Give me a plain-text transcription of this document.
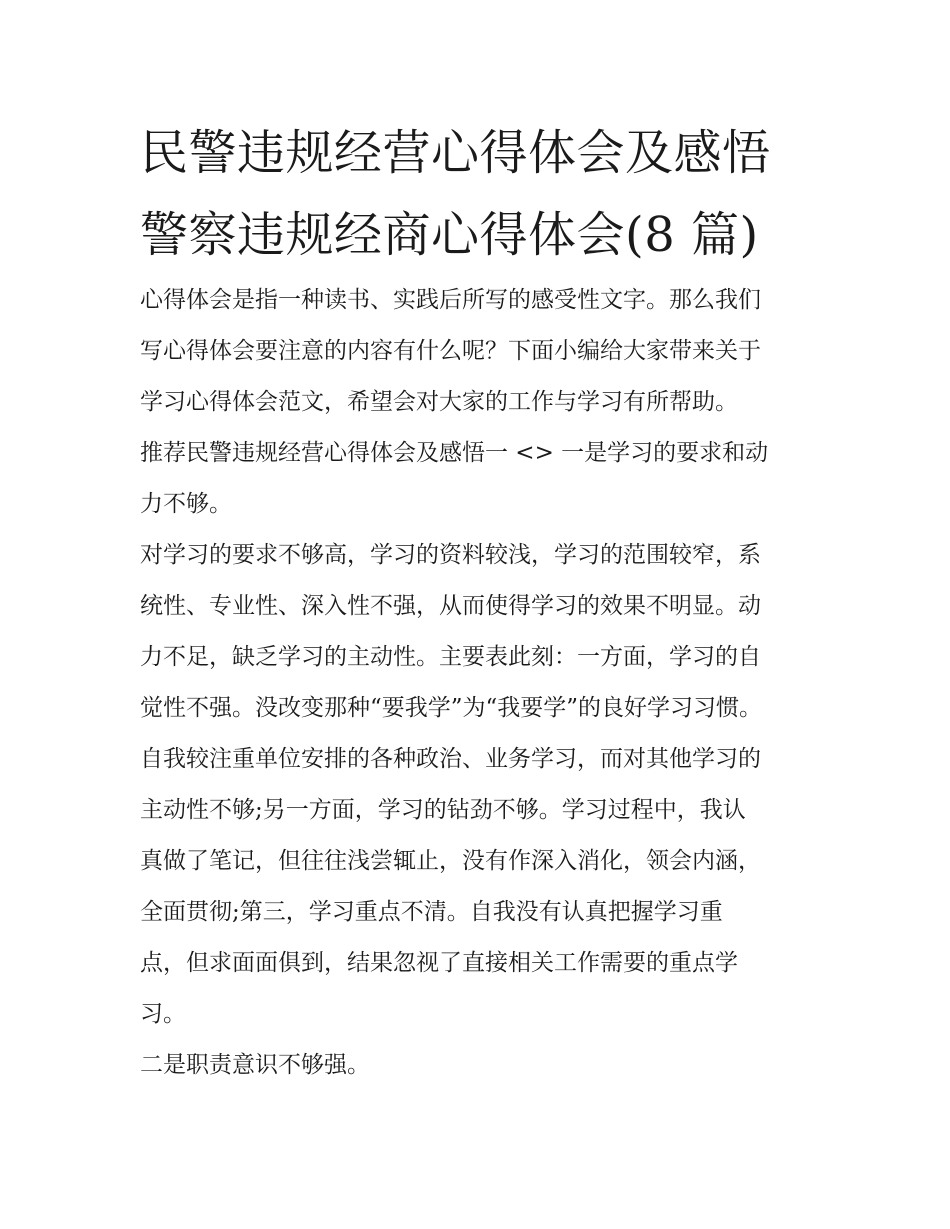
民警违规经营心得体会及感悟
警察违规经商心得体会(8 篇)
心得体会是指一种读书、实践后所写的感受性文字。那么我们
写心得体会要注意的内容有什么呢？下面小编给大家带来关于
学习心得体会范文，希望会对大家的工作与学习有所帮助。
推荐民警违规经营心得体会及感悟一 <> 一是学习的要求和动
力不够。
对学习的要求不够高，学习的资料较浅，学习的范围较窄，系
统性、专业性、深入性不强，从而使得学习的效果不明显。动
力不足，缺乏学习的主动性。主要表此刻：一方面，学习的自
觉性不强。没改变那种“要我学”为“我要学”的良好学习习惯。
自我较注重单位安排的各种政治、业务学习，而对其他学习的
主动性不够;另一方面，学习的钻劲不够。学习过程中，我认
真做了笔记，但往往浅尝辄止，没有作深入消化，领会内涵，
全面贯彻;第三，学习重点不清。自我没有认真把握学习重
点，但求面面俱到，结果忽视了直接相关工作需要的重点学
习。
二是职责意识不够强。
